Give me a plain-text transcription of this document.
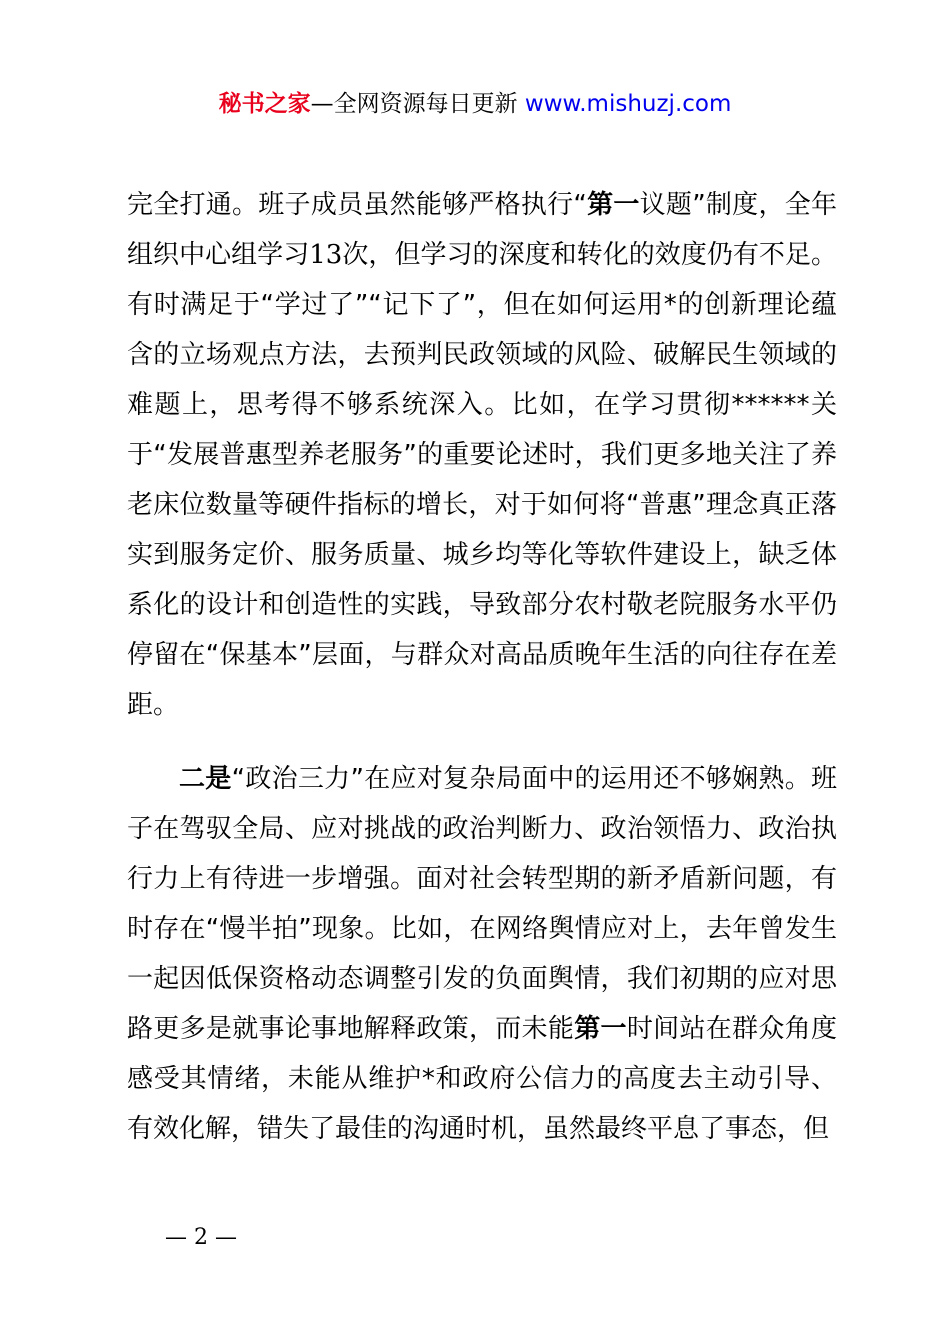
秘书之家—全网资源每日更新 www.mishuzj.com

完全打通。班子成员虽然能够严格执行“第一议题”制度，全年组织中心组学习13次，但学习的深度和转化的效度仍有不足。有时满足于“学过了”“记下了”，但在如何运用*的创新理论蕴含的立场观点方法，去预判民政领域的风险、破解民生领域的难题上，思考得不够系统深入。比如，在学习贯彻******关于“发展普惠型养老服务”的重要论述时，我们更多地关注了养老床位数量等硬件指标的增长，对于如何将“普惠”理念真正落实到服务定价、服务质量、城乡均等化等软件建设上，缺乏体系化的设计和创造性的实践，导致部分农村敬老院服务水平仍停留在“保基本”层面，与群众对高品质晚年生活的向往存在差距。

二是“政治三力”在应对复杂局面中的运用还不够娴熟。班子在驾驭全局、应对挑战的政治判断力、政治领悟力、政治执行力上有待进一步增强。面对社会转型期的新矛盾新问题，有时存在“慢半拍”现象。比如，在网络舆情应对上，去年曾发生一起因低保资格动态调整引发的负面舆情，我们初期的应对思路更多是就事论事地解释政策，而未能第一时间站在群众角度感受其情绪，未能从维护*和政府公信力的高度去主动引导、有效化解，错失了最佳的沟通时机，虽然最终平息了事态，但

— 2 —
